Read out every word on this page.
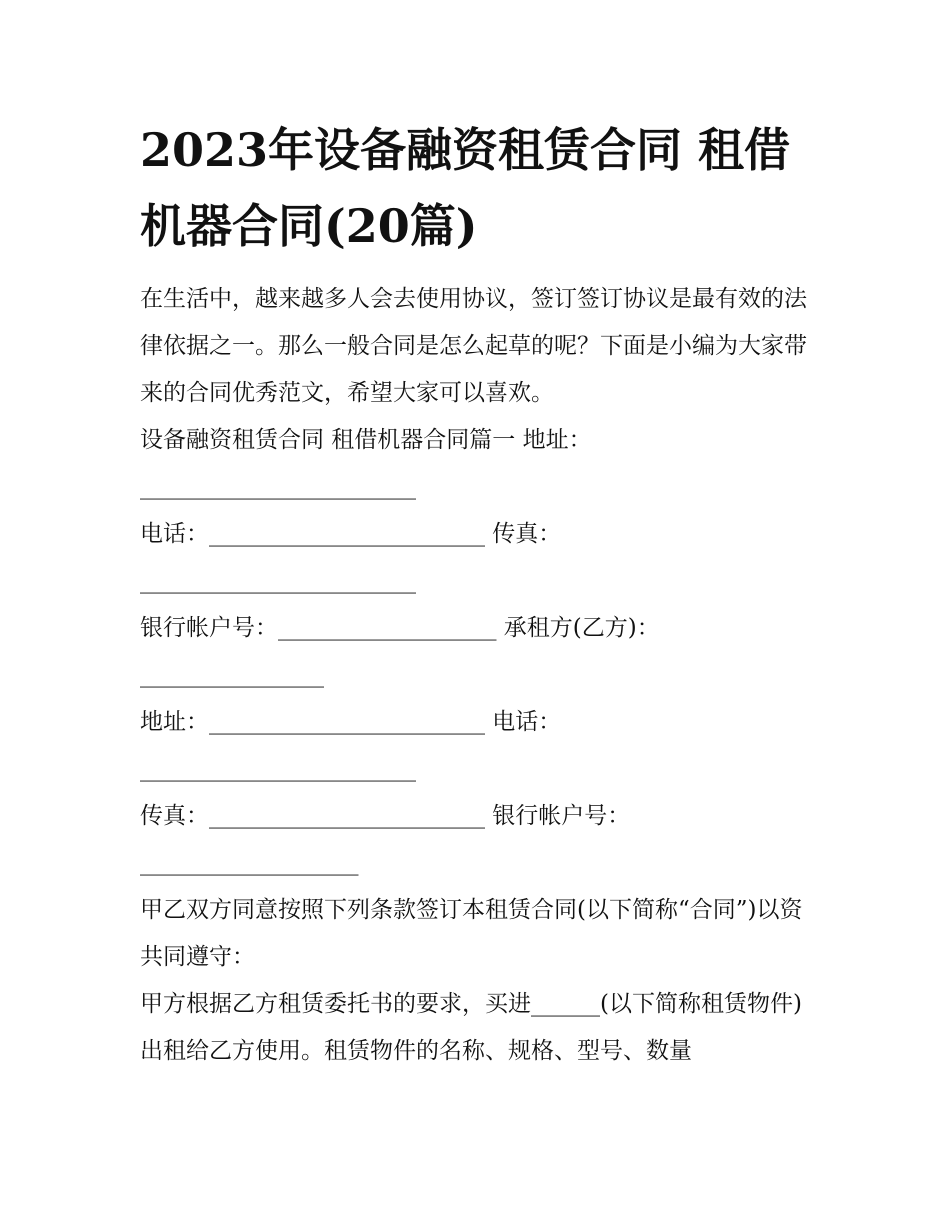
2023年设备融资租赁合同 租借机器合同(20篇)

在生活中，越来越多人会去使用协议，签订签订协议是最有效的法律依据之一。那么一般合同是怎么起草的呢？下面是小编为大家带来的合同优秀范文，希望大家可以喜欢。

设备融资租赁合同 租借机器合同篇一 地址：

________________________

电话：________________________ 传真：

________________________

银行帐户号：___________________ 承租方(乙方)：

________________

地址：________________________ 电话：

________________________

传真：________________________ 银行帐户号：

___________________

甲乙双方同意按照下列条款签订本租赁合同(以下简称“合同”)以资共同遵守：

甲方根据乙方租赁委托书的要求，买进______(以下简称租赁物件)出租给乙方使用。租赁物件的名称、规格、型号、数量
